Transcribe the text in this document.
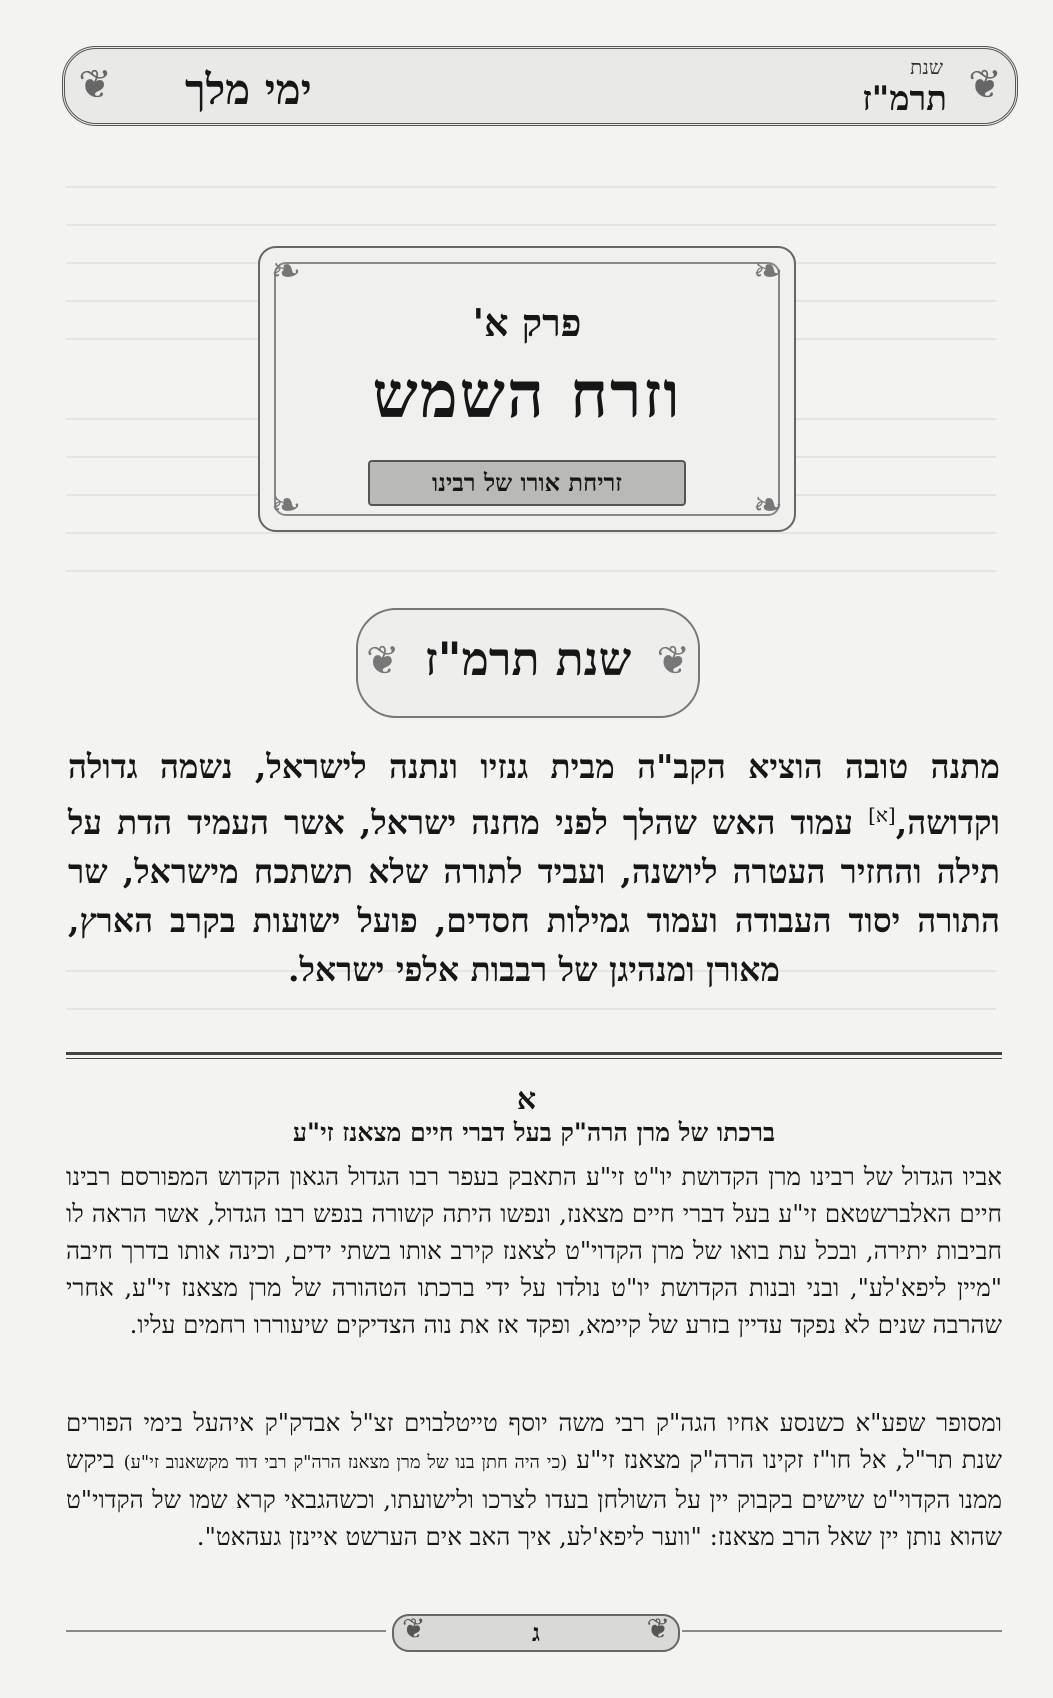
❦	❦
שנת
תרמ"ז
ימי מלך
❧	❧
❧	❧
פרק א'
וזרח השמש
זריחת אורו של רבינו
❦	❦
שנת תרמ"ז
מתנה טובה הוציא הקב"ה מבית גנזיו ונתנה לישראל, נשמה גדולה וקדושה,[א] עמוד האש שהלך לפני מחנה ישראל, אשר העמיד הדת על תילה והחזיר העטרה ליושנה, ועביד לתורה שלא תשתכח מישראל, שר התורה יסוד העבודה ועמוד גמילות חסדים, פועל ישועות בקרב הארץ, מאורן ומנהיגן של רבבות אלפי ישראל.
א
ברכתו של מרן הרה"ק בעל דברי חיים מצאנז זי"ע
אביו הגדול של רבינו מרן הקדושת יו"ט זי"ע התאבק בעפר רבו הגדול הגאון הקדוש המפורסם רבינו חיים האלברשטאם זי"ע בעל דברי חיים מצאנז, ונפשו היתה קשורה בנפש רבו הגדול, אשר הראה לו חביבות יתירה, ובכל עת בואו של מרן הקדוי"ט לצאנז קירב אותו בשתי ידים, וכינה אותו בדרך חיבה "מיין ליפא'לע", ובני ובנות הקדושת יו"ט נולדו על ידי ברכתו הטהורה של מרן מצאנז זי"ע, אחרי שהרבה שנים לא נפקד עדיין בזרע של קיימא, ופקד אז את נוה הצדיקים שיעוררו רחמים עליו.
ומסופר שפע"א כשנסע אחיו הגה"ק רבי משה יוסף טייטלבוים זצ"ל אבדק"ק איהעל בימי הפורים שנת תר"ל, אל חו"ז זקינו הרה"ק מצאנז זי"ע (כי היה חתן בנו של מרן מצאנז הרה"ק רבי דוד מקשאנוב זי"ע) ביקש ממנו הקדוי"ט שישים בקבוק יין על השולחן בעדו לצרכו ולישועתו, וכשהגבאי קרא שמו של הקדוי"ט שהוא נותן יין שאל הרב מצאנז: "ווער ליפא'לע, איך האב אים הערשט איינזן געהאט".
❦	❦
ג
